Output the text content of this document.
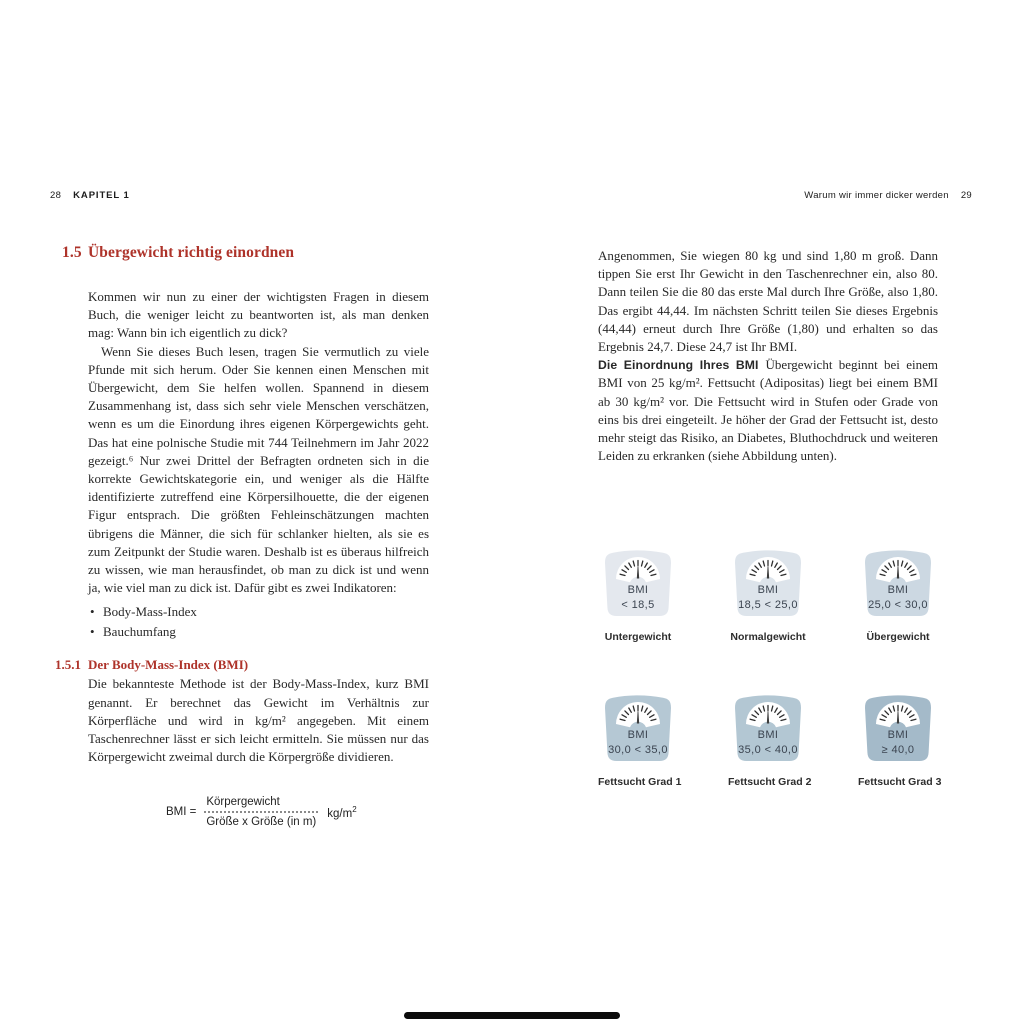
28 KAPITEL 1	Warum wir immer dicker werden 29
1.5 Übergewicht richtig einordnen

Kommen wir nun zu einer der wichtigsten Fragen in diesem Buch, die weniger leicht zu beantworten ist, als man denken mag: Wann bin ich eigentlich zu dick?

Wenn Sie dieses Buch lesen, tragen Sie vermutlich zu viele Pfunde mit sich herum. Oder Sie kennen einen Menschen mit Übergewicht, dem Sie helfen wollen. Spannend in diesem Zusammenhang ist, dass sich sehr viele Menschen verschätzen, wenn es um die Einordung ihres eigenen Körpergewichts geht. Das hat eine polnische Studie mit 744 Teilnehmern im Jahr 2022 gezeigt.⁶ Nur zwei Drittel der Befragten ordneten sich in die korrekte Gewichtskategorie ein, und weniger als die Hälfte identifizierte zutreffend eine Körpersilhouette, die der eigenen Figur entsprach. Die größten Fehleinschätzungen machten übrigens die Männer, die sich für schlanker hielten, als sie es zum Zeitpunkt der Studie waren. Deshalb ist es überaus hilfreich zu wissen, wie man herausfindet, ob man zu dick ist und wenn ja, wie viel man zu dick ist. Dafür gibt es zwei Indikatoren:

• Body-Mass-Index
• Bauchumfang
1.5.1 Der Body-Mass-Index (BMI)

Die bekannteste Methode ist der Body-Mass-Index, kurz BMI genannt. Er berechnet das Gewicht im Verhältnis zur Körperfläche und wird in kg/m² angegeben. Mit einem Taschenrechner lässt er sich leicht ermitteln. Sie müssen nur das Körpergewicht zweimal durch die Körpergröße dividieren.

BMI = $\frac{\text{Körpergewicht}}{\text{Größe x Größe (in m)}} kg/m^2$

Angenommen, Sie wiegen 80 kg und sind 1,80 m groß. Dann tippen Sie erst Ihr Gewicht in den Taschenrechner ein, also 80. Dann teilen Sie die 80 das erste Mal durch Ihre Größe, also 1,80. Das ergibt 44,44. Im nächsten Schritt teilen Sie dieses Ergebnis (44,44) erneut durch Ihre Größe (1,80) und erhalten so das Ergebnis 24,7. Diese 24,7 ist Ihr BMI.

Die Einordnung Ihres BMI Übergewicht beginnt bei einem BMI von 25 kg/m². Fettsucht (Adipositas) liegt bei einem BMI ab 30 kg/m² vor. Die Fettsucht wird in Stufen oder Grade von eins bis drei eingeteilt. Je höher der Grad der Fettsucht ist, desto mehr steigt das Risiko, an Diabetes, Bluthochdruck und weiteren Leiden zu erkranken (siehe Abbildung unten).

BMI
< 18,5
Untergewicht
BMI
18,5 < 25,0
Normalgewicht
BMI
25,0 < 30,0
Übergewicht
BMI
30,0 < 35,0
Fettsucht Grad 1
BMI
35,0 < 40,0
Fettsucht Grad 2
BMI
≥ 40,0
Fettsucht Grad 3
